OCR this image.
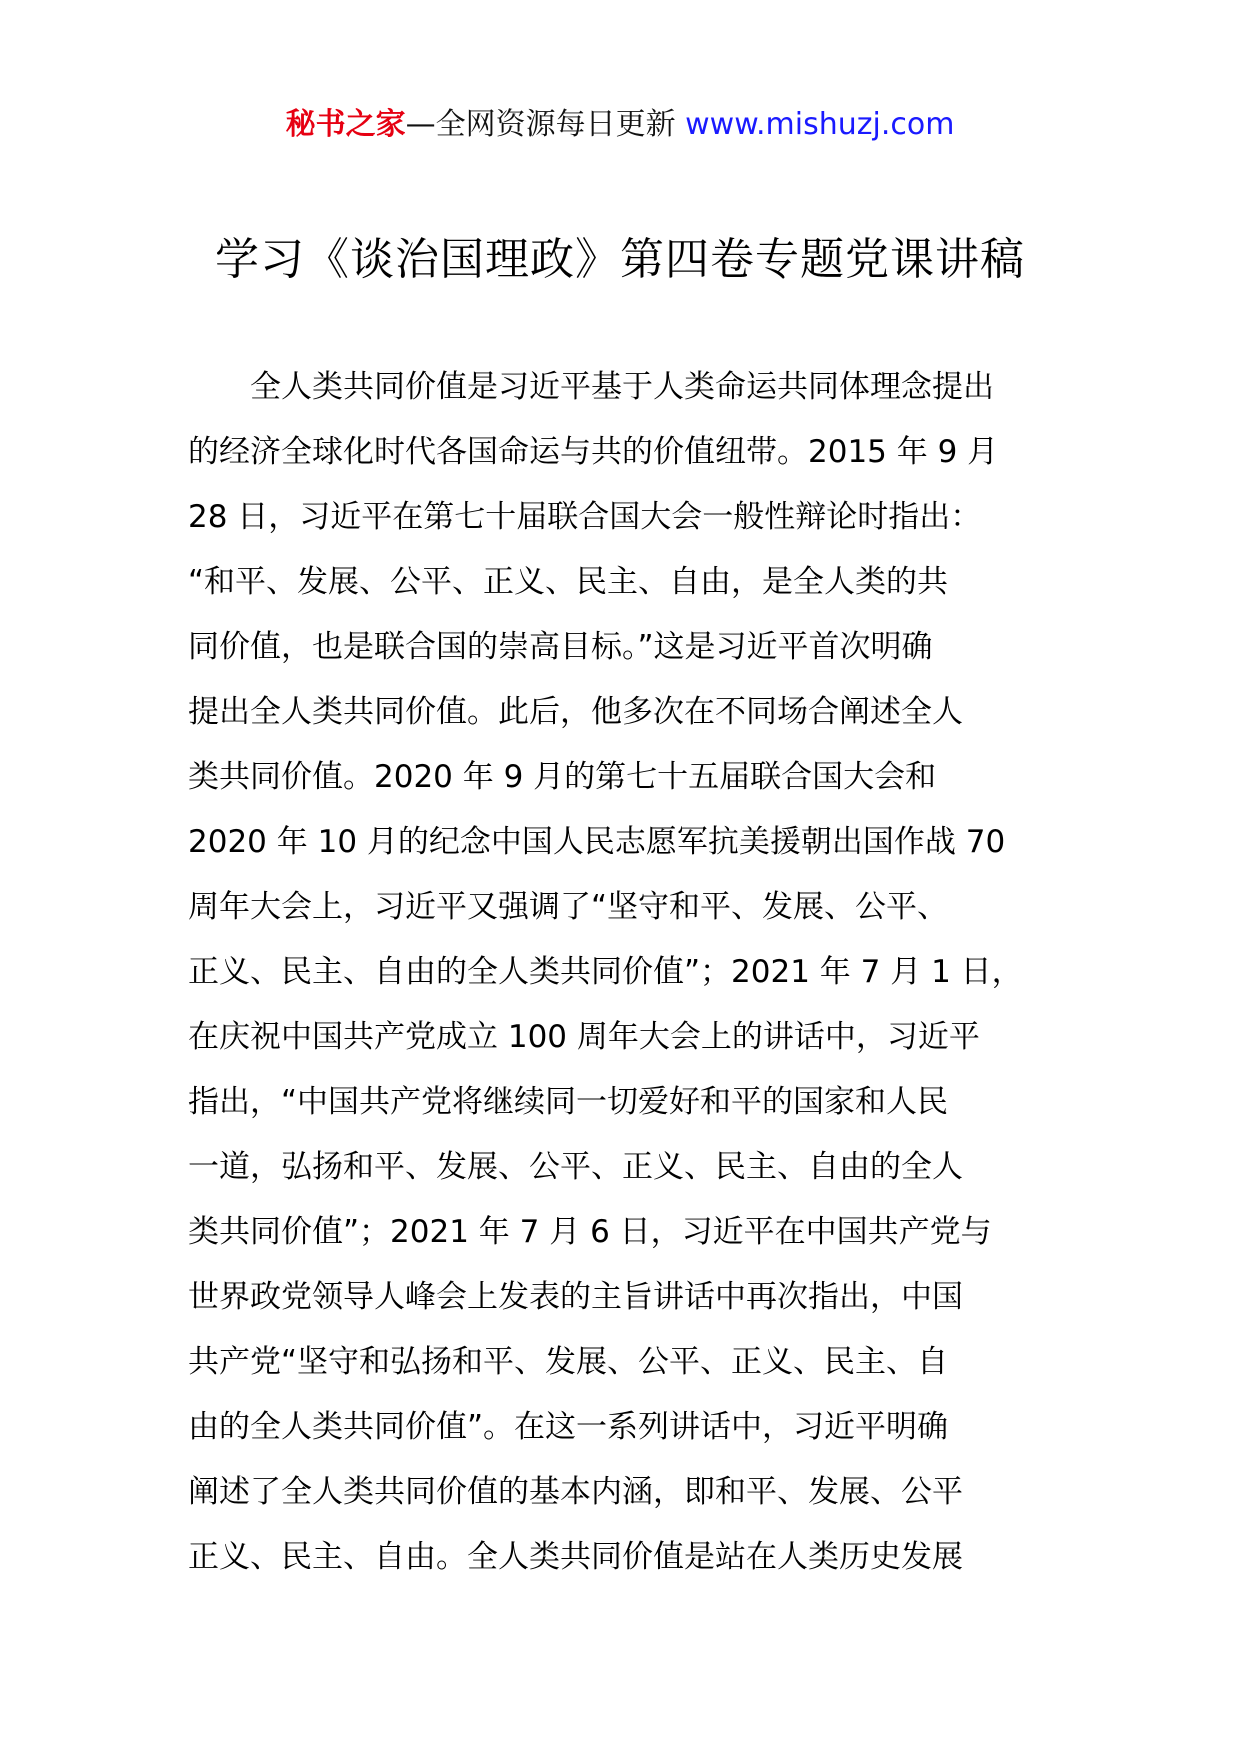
秘书之家—全网资源每日更新 www.mishuzj.com
学习《谈治国理政》第四卷专题党课讲稿
　　全人类共同价值是习近平基于人类命运共同体理念提出
的经济全球化时代各国命运与共的价值纽带。2015 年 9 月
28 日，习近平在第七十届联合国大会一般性辩论时指出：
“和平、发展、公平、正义、民主、自由，是全人类的共
同价值，也是联合国的崇高目标。”这是习近平首次明确
提出全人类共同价值。此后，他多次在不同场合阐述全人
类共同价值。2020 年 9 月的第七十五届联合国大会和
2020 年 10 月的纪念中国人民志愿军抗美援朝出国作战 70
周年大会上，习近平又强调了“坚守和平、发展、公平、
正义、民主、自由的全人类共同价值”；2021 年 7 月 1 日，
在庆祝中国共产党成立 100 周年大会上的讲话中，习近平
指出，“中国共产党将继续同一切爱好和平的国家和人民
一道，弘扬和平、发展、公平、正义、民主、自由的全人
类共同价值”；2021 年 7 月 6 日，习近平在中国共产党与
世界政党领导人峰会上发表的主旨讲话中再次指出，中国
共产党“坚守和弘扬和平、发展、公平、正义、民主、自
由的全人类共同价值”。在这一系列讲话中，习近平明确
阐述了全人类共同价值的基本内涵，即和平、发展、公平
正义、民主、自由。全人类共同价值是站在人类历史发展
